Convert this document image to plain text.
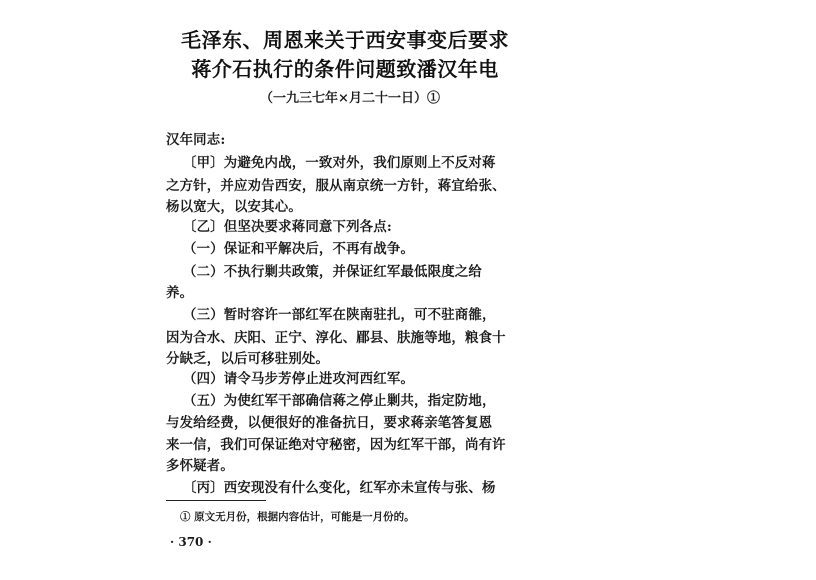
毛泽东、周恩来关于西安事变后要求
蒋介石执行的条件问题致潘汉年电
（一九三七年×月二十一日）①
汉年同志:
〔甲〕为避免内战，一致对外，我们原则上不反对蒋
之方针，并应劝告西安，服从南京统一方针，蒋宜给张、
杨以宽大，以安其心。
〔乙〕但坚决要求蒋同意下列各点:
（一）保证和平解决后，不再有战争。
（二）不执行剿共政策，并保证红军最低限度之给
养。
（三）暂时容许一部红军在陕南驻扎，可不驻商雒，
因为合水、庆阳、正宁、淳化、郿县、肤施等地，粮食十
分缺乏，以后可移驻别处。
（四）请令马步芳停止进攻河西红军。
（五）为使红军干部确信蒋之停止剿共，指定防地，
与发给经费，以便很好的准备抗日，要求蒋亲笔答复恩
来一信，我们可保证绝对守秘密，因为红军干部，尚有许
多怀疑者。
〔丙〕西安现没有什么变化，红军亦未宣传与张、杨
① 原文无月份，根据内容估计，可能是一月份的。
· 370 ·
